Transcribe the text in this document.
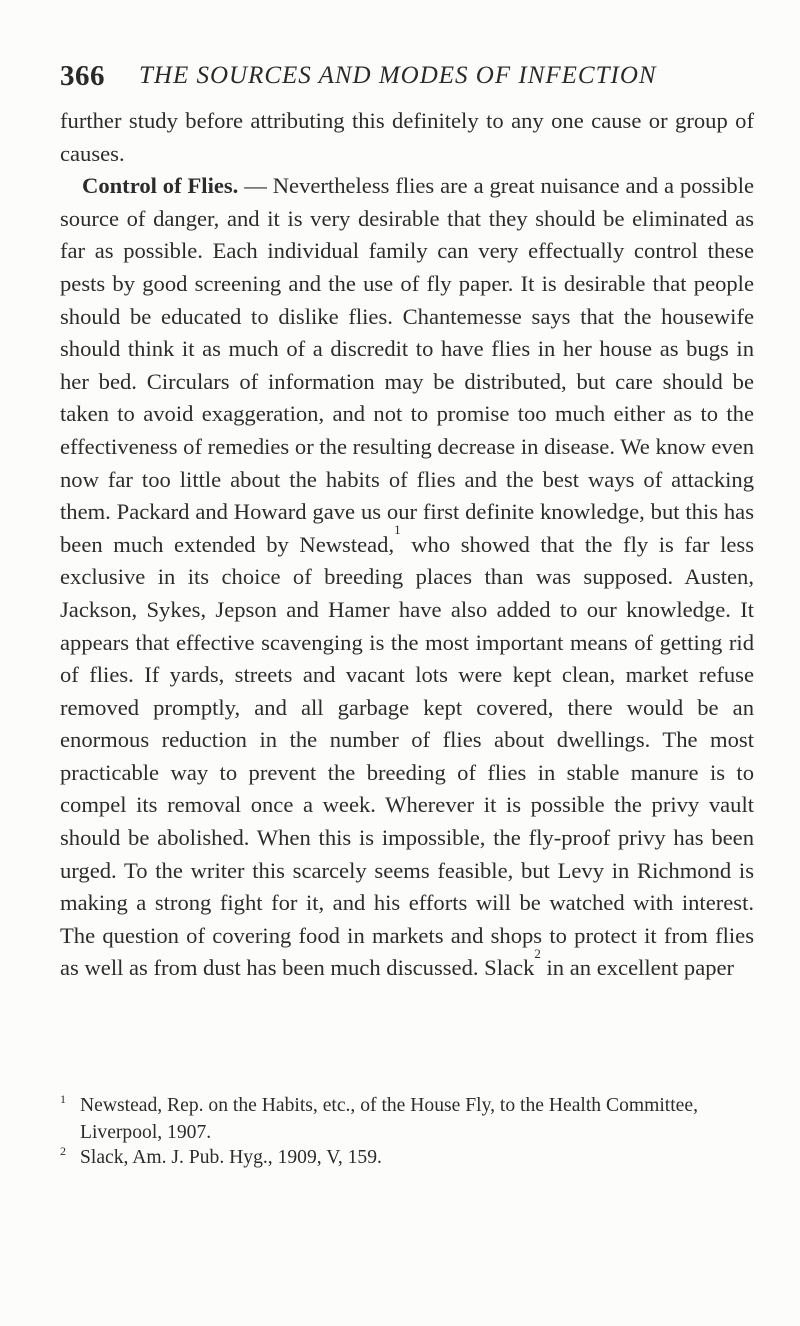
366 THE SOURCES AND MODES OF INFECTION

further study before attributing this definitely to any one cause or group of causes.

Control of Flies. — Nevertheless flies are a great nuisance and a possible source of danger, and it is very desirable that they should be eliminated as far as possible. Each individual family can very effectually control these pests by good screening and the use of fly paper. It is desirable that people should be educated to dislike flies. Chantemesse says that the housewife should think it as much of a discredit to have flies in her house as bugs in her bed. Circulars of information may be distributed, but care should be taken to avoid exaggeration, and not to promise too much either as to the effectiveness of remedies or the resulting decrease in disease. We know even now far too little about the habits of flies and the best ways of attacking them. Packard and Howard gave us our first definite knowledge, but this has been much extended by Newstead,$^1$ who showed that the fly is far less exclusive in its choice of breeding places than was supposed. Austen, Jackson, Sykes, Jepson and Hamer have also added to our knowledge. It appears that effective scavenging is the most important means of getting rid of flies. If yards, streets and vacant lots were kept clean, market refuse removed promptly, and all garbage kept covered, there would be an enormous reduction in the number of flies about dwellings. The most practicable way to prevent the breeding of flies in stable manure is to compel its removal once a week. Wherever it is possible the privy vault should be abolished. When this is impossible, the fly-proof privy has been urged. To the writer this scarcely seems feasible, but Levy in Richmond is making a strong fight for it, and his efforts will be watched with interest. The question of covering food in markets and shops to protect it from flies as well as from dust has been much discussed. Slack$^2$ in an excellent paper

1 Newstead, Rep. on the Habits, etc., of the House Fly, to the Health Committee, Liverpool, 1907.

2 Slack, Am. J. Pub. Hyg., 1909, V, 159.
